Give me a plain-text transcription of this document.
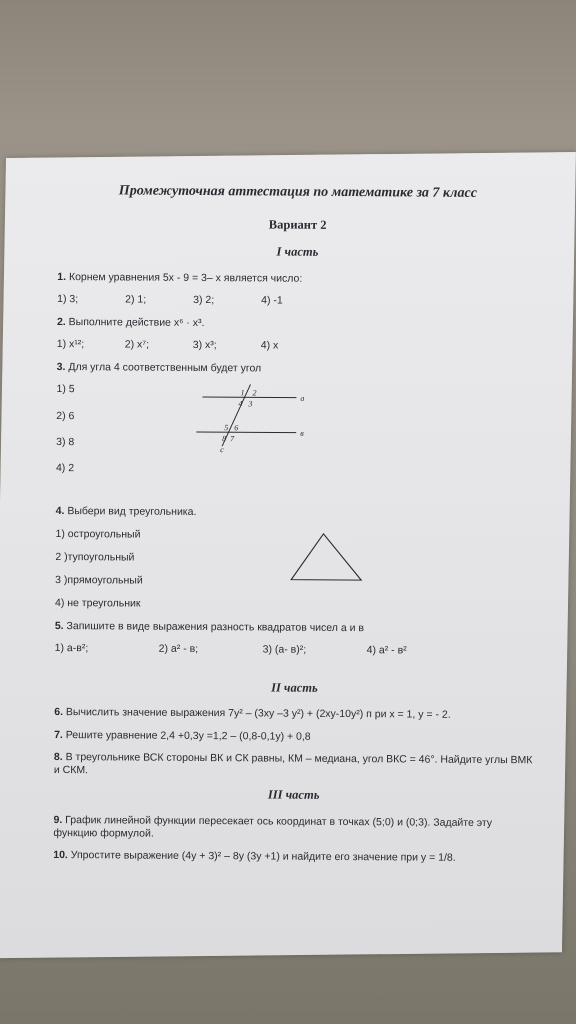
Промежуточная аттестация по математике за 7 класс
Вариант 2
I часть
1. Корнем уравнения 5х - 9 = 3– х является число:
1) 3;	2) 1;	3) 2;	4) -1
2. Выполните действие х⁶ · х³.
1) х¹²;	2) х⁷;	3) х³;	4) х
3. Для угла 4 соответственным будет угол
1) 5
2) 6
3) 8
4) 2
1 2
4 3
5 6
8 7
а
в
с
4. Выбери вид треугольника.
1) остроугольный
2 )тупоугольный
3 )прямоугольный
4) не треугольник
5. Запишите в виде выражения разность квадратов чисел а и в
1) а-в²;	2) а² - в;	3) (а- в)²;	4) а² - в²
II часть
6. Вычислить значение выражения 7у² – (3ху –3 у²) + (2ху-10у²) п ри х = 1, у = - 2.
7. Решите уравнение 2,4 +0,3у =1,2 – (0,8-0,1у) + 0,8
8. В треугольнике ВСК стороны ВК и СК равны, КМ – медиана, угол ВКС = 46°. Найдите углы ВМК и СКМ.
III часть
9. График линейной функции пересекает ось координат в точках (5;0) и (0;3). Задайте эту функцию формулой.
10. Упростите выражение (4у + 3)² – 8у (3у +1) и найдите его значение при у = 1/8.
